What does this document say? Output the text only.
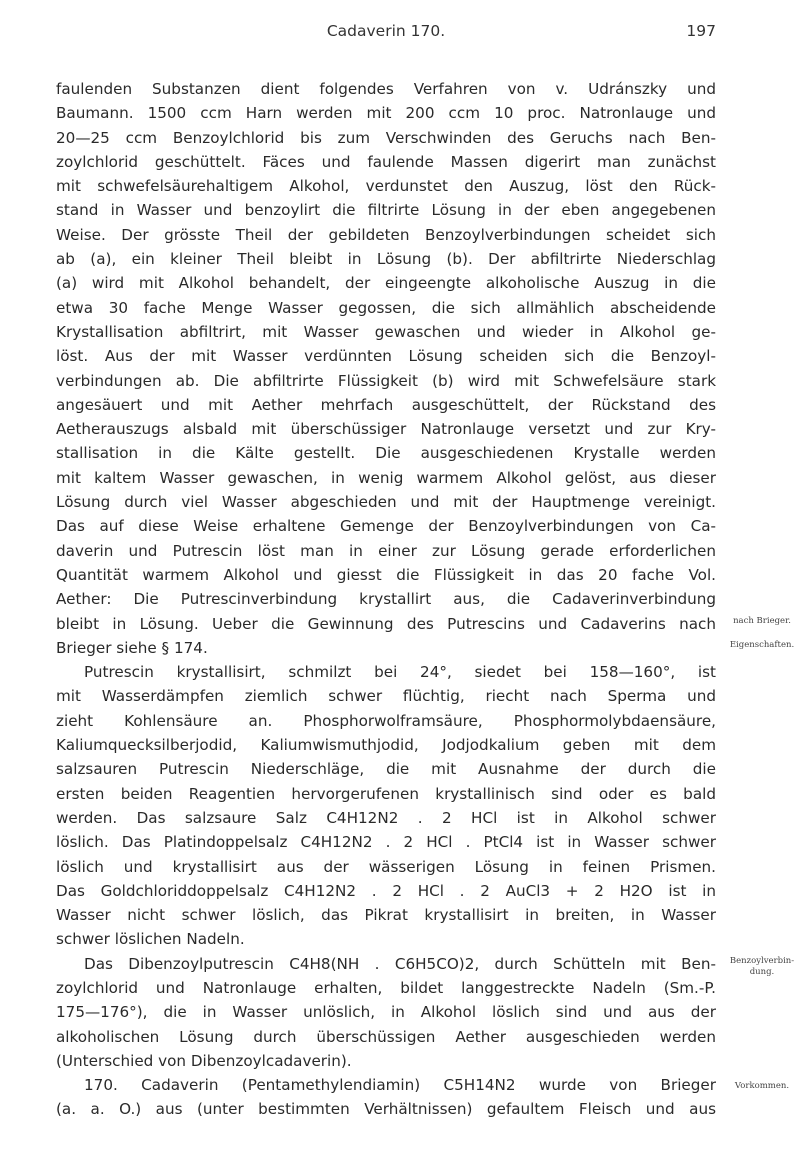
Cadaverin 170.	197
faulenden Substanzen dient folgendes Verfahren von v. Udránszky und
Baumann. 1500 ccm Harn werden mit 200 ccm 10 proc. Natronlauge und
20—25 ccm Benzoylchlorid bis zum Verschwinden des Geruchs nach Ben-
zoylchlorid geschüttelt. Fäces und faulende Massen digerirt man zunächst
mit schwefelsäurehaltigem Alkohol, verdunstet den Auszug, löst den Rück-
stand in Wasser und benzoylirt die filtrirte Lösung in der eben angegebenen
Weise. Der grösste Theil der gebildeten Benzoylverbindungen scheidet sich
ab (a), ein kleiner Theil bleibt in Lösung (b). Der abfiltrirte Niederschlag
(a) wird mit Alkohol behandelt, der eingeengte alkoholische Auszug in die
etwa 30 fache Menge Wasser gegossen, die sich allmählich abscheidende
Krystallisation abfiltrirt, mit Wasser gewaschen und wieder in Alkohol ge-
löst. Aus der mit Wasser verdünnten Lösung scheiden sich die Benzoyl-
verbindungen ab. Die abfiltrirte Flüssigkeit (b) wird mit Schwefelsäure stark
angesäuert und mit Aether mehrfach ausgeschüttelt, der Rückstand des
Aetherauszugs alsbald mit überschüssiger Natronlauge versetzt und zur Kry-
stallisation in die Kälte gestellt. Die ausgeschiedenen Krystalle werden
mit kaltem Wasser gewaschen, in wenig warmem Alkohol gelöst, aus dieser
Lösung durch viel Wasser abgeschieden und mit der Hauptmenge vereinigt.
Das auf diese Weise erhaltene Gemenge der Benzoylverbindungen von Ca-
daverin und Putrescin löst man in einer zur Lösung gerade erforderlichen
Quantität warmem Alkohol und giesst die Flüssigkeit in das 20 fache Vol.
Aether: Die Putrescinverbindung krystallirt aus, die Cadaverinverbindung
bleibt in Lösung. Ueber die Gewinnung des Putrescins und Cadaverins nach
Brieger siehe § 174.
Putrescin krystallisirt, schmilzt bei 24°, siedet bei 158—160°, ist
mit Wasserdämpfen ziemlich schwer flüchtig, riecht nach Sperma und
zieht Kohlensäure an. Phosphorwolframsäure, Phosphormolybdaensäure,
Kaliumquecksilberjodid, Kaliumwismuthjodid, Jodjodkalium geben mit dem
salzsauren Putrescin Niederschläge, die mit Ausnahme der durch die
ersten beiden Reagentien hervorgerufenen krystallinisch sind oder es bald
werden. Das salzsaure Salz C4H12N2 . 2 HCl ist in Alkohol schwer
löslich. Das Platindoppelsalz C4H12N2 . 2 HCl . PtCl4 ist in Wasser schwer
löslich und krystallisirt aus der wässerigen Lösung in feinen Prismen.
Das Goldchloriddoppelsalz C4H12N2 . 2 HCl . 2 AuCl3 + 2 H2O ist in
Wasser nicht schwer löslich, das Pikrat krystallisirt in breiten, in Wasser
schwer löslichen Nadeln.
Das Dibenzoylputrescin C4H8(NH . C6H5CO)2, durch Schütteln mit Ben-
zoylchlorid und Natronlauge erhalten, bildet langgestreckte Nadeln (Sm.-P.
175—176°), die in Wasser unlöslich, in Alkohol löslich sind und aus der
alkoholischen Lösung durch überschüssigen Aether ausgeschieden werden
(Unterschied von Dibenzoylcadaverin).
170. Cadaverin (Pentamethylendiamin) C5H14N2 wurde von Brieger
(a. a. O.) aus (unter bestimmten Verhältnissen) gefaultem Fleisch und aus
nach Brieger.
Eigenschaften.
Benzoylverbin-dung.
Vorkommen.
